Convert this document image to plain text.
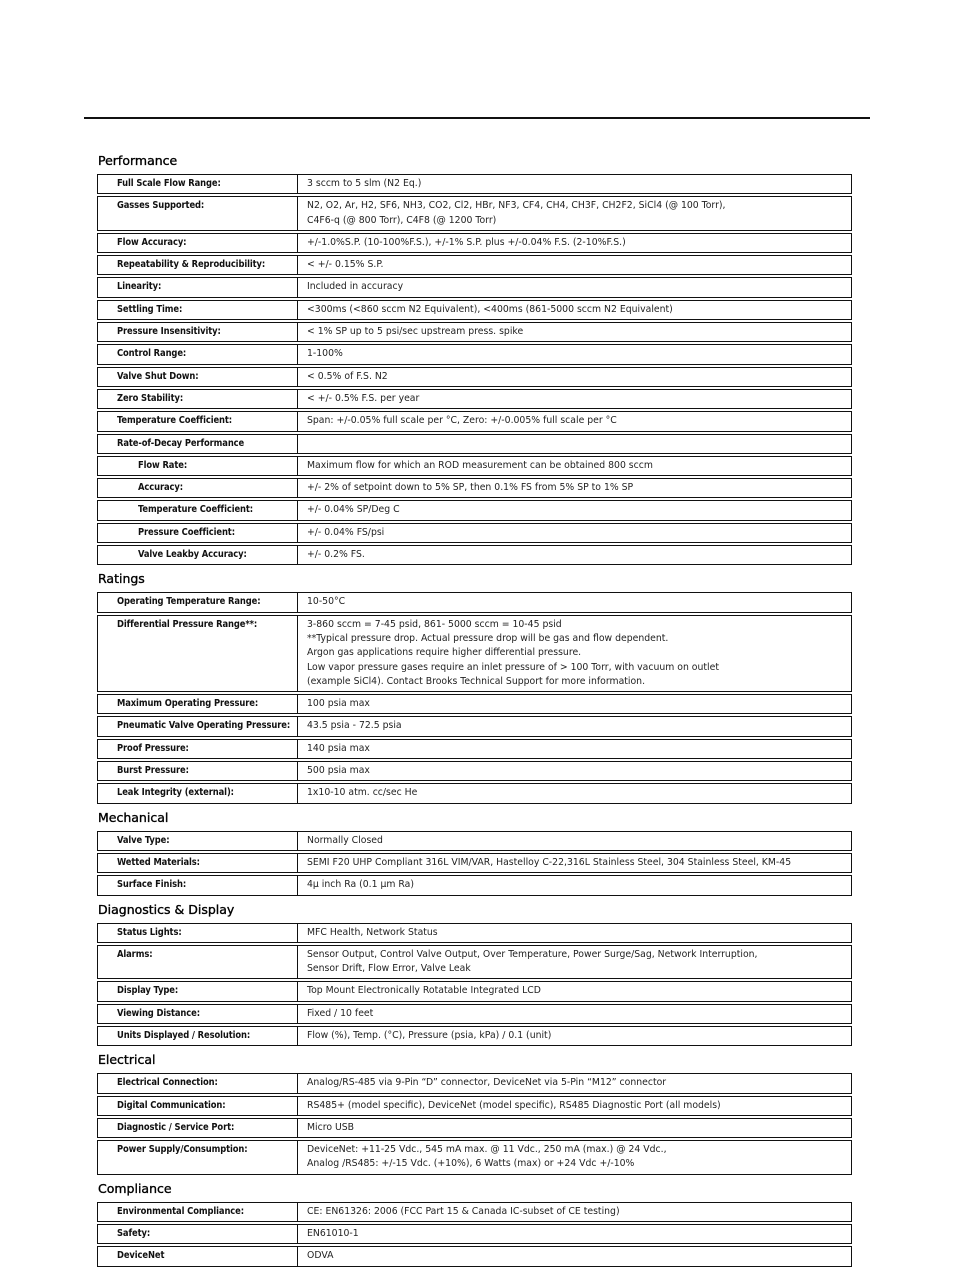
Performance
Full Scale Flow Range:	3 sccm to 5 slm (N2 Eq.)
Gasses Supported:	N2, O2, Ar, H2, SF6, NH3, CO2, Cl2, HBr, NF3, CF4, CH4, CH3F, CH2F2, SiCl4 (@ 100 Torr),
C4F6-q (@ 800 Torr), C4F8 (@ 1200 Torr)
Flow Accuracy:	+/-1.0%S.P. (10-100%F.S.), +/-1% S.P. plus +/-0.04% F.S. (2-10%F.S.)
Repeatability & Reproducibility:	< +/- 0.15% S.P.
Linearity:	Included in accuracy
Settling Time:	<300ms (<860 sccm N2 Equivalent), <400ms (861-5000 sccm N2 Equivalent)
Pressure Insensitivity:	< 1% SP up to 5 psi/sec upstream press. spike
Control Range:	1-100%
Valve Shut Down:	< 0.5% of F.S. N2
Zero Stability:	< +/- 0.5% F.S. per year
Temperature Coefficient:	Span: +/-0.05% full scale per °C, Zero: +/-0.005% full scale per °C
Rate-of-Decay Performance	
Flow Rate:	Maximum flow for which an ROD measurement can be obtained 800 sccm
Accuracy:	+/- 2% of setpoint down to 5% SP, then 0.1% FS from 5% SP to 1% SP
Temperature Coefficient:	+/- 0.04% SP/Deg C
Pressure Coefficient:	+/- 0.04% FS/psi
Valve Leakby Accuracy:	+/- 0.2% FS.
Ratings
Operating Temperature Range:	10-50°C
Differential Pressure Range**:	3-860 sccm = 7-45 psid, 861- 5000 sccm = 10-45 psid
**Typical pressure drop. Actual pressure drop will be gas and flow dependent.
Argon gas applications require higher differential pressure.
Low vapor pressure gases require an inlet pressure of > 100 Torr, with vacuum on outlet
(example SiCl4). Contact Brooks Technical Support for more information.
Maximum Operating Pressure:	100 psia max
Pneumatic Valve Operating Pressure:	43.5 psia - 72.5 psia
Proof Pressure:	140 psia max
Burst Pressure:	500 psia max
Leak Integrity (external):	1x10-10 atm. cc/sec He
Mechanical
Valve Type:	Normally Closed
Wetted Materials:	SEMI F20 UHP Compliant 316L VIM/VAR, Hastelloy C-22,316L Stainless Steel, 304 Stainless Steel, KM-45
Surface Finish:	4µ inch Ra (0.1 µm Ra)
Diagnostics & Display
Status Lights:	MFC Health, Network Status
Alarms:	Sensor Output, Control Valve Output, Over Temperature, Power Surge/Sag, Network Interruption,
Sensor Drift, Flow Error, Valve Leak
Display Type:	Top Mount Electronically Rotatable Integrated LCD
Viewing Distance:	Fixed / 10 feet
Units Displayed / Resolution:	Flow (%), Temp. (°C), Pressure (psia, kPa) / 0.1 (unit)
Electrical
Electrical Connection:	Analog/RS-485 via 9-Pin “D” connector, DeviceNet via 5-Pin “M12” connector
Digital Communication:	RS485+ (model specific), DeviceNet (model specific), RS485 Diagnostic Port (all models)
Diagnostic / Service Port:	Micro USB
Power Supply/Consumption:	DeviceNet: +11-25 Vdc., 545 mA max. @ 11 Vdc., 250 mA (max.) @ 24 Vdc.,
Analog /RS485: +/-15 Vdc. (+10%), 6 Watts (max) or +24 Vdc +/-10%
Compliance
Environmental Compliance:	CE: EN61326: 2006 (FCC Part 15 & Canada IC-subset of CE testing)
Safety:	EN61010-1
DeviceNet	ODVA
